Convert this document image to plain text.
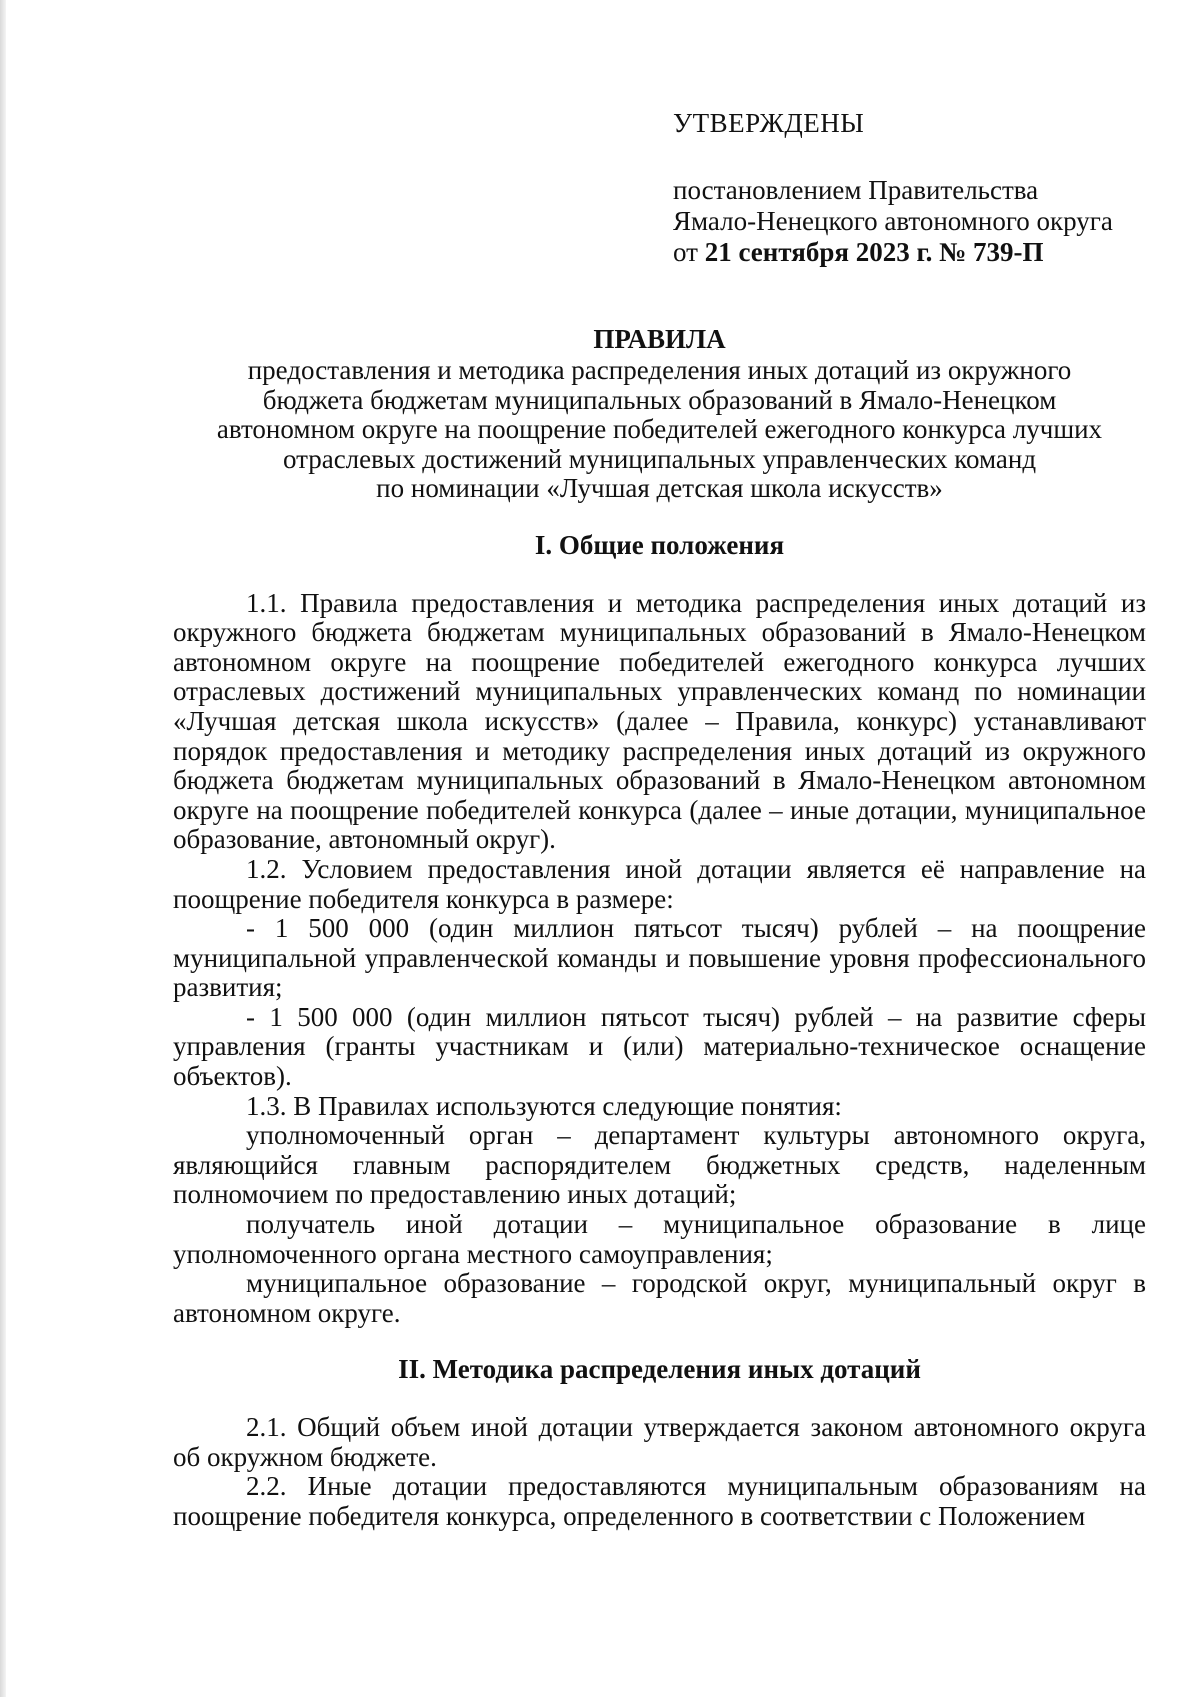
УТВЕРЖДЕНЫ

постановлением Правительства

Ямало-Ненецкого автономного округа

от 21 сентября 2023 г. № 739-П

ПРАВИЛА

предоставления и методика распределения иных дотаций из окружного

бюджета бюджетам муниципальных образований в Ямало-Ненецком

автономном округе на поощрение победителей ежегодного конкурса лучших

отраслевых достижений муниципальных управленческих команд

по номинации «Лучшая детская школа искусств»

I. Общие положения

1.1. Правила предоставления и методика распределения иных дотаций из окружного бюджета бюджетам муниципальных образований в Ямало-Ненецком автономном округе на поощрение победителей ежегодного конкурса лучших отраслевых достижений муниципальных управленческих команд по номинации «Лучшая детская школа искусств» (далее – Правила, конкурс) устанавливают порядок предоставления и методику распределения иных дотаций из окружного бюджета бюджетам муниципальных образований в Ямало-Ненецком автономном округе на поощрение победителей конкурса (далее – иные дотации, муниципальное образование, автономный округ).

1.2. Условием предоставления иной дотации является её направление на поощрение победителя конкурса в размере:

- 1 500 000 (один миллион пятьсот тысяч) рублей – на поощрение муниципальной управленческой команды и повышение уровня профессионального развития;

- 1 500 000 (один миллион пятьсот тысяч) рублей – на развитие сферы управления (гранты участникам и (или) материально-техническое оснащение объектов).

1.3. В Правилах используются следующие понятия:

уполномоченный орган – департамент культуры автономного округа, являющийся главным распорядителем бюджетных средств, наделенным полномочием по предоставлению иных дотаций;

получатель иной дотации – муниципальное образование в лице уполномоченного органа местного самоуправления;

муниципальное образование – городской округ, муниципальный округ в автономном округе.

II. Методика распределения иных дотаций

2.1. Общий объем иной дотации утверждается законом автономного округа об окружном бюджете.

2.2. Иные дотации предоставляются муниципальным образованиям на поощрение победителя конкурса, определенного в соответствии с Положением
